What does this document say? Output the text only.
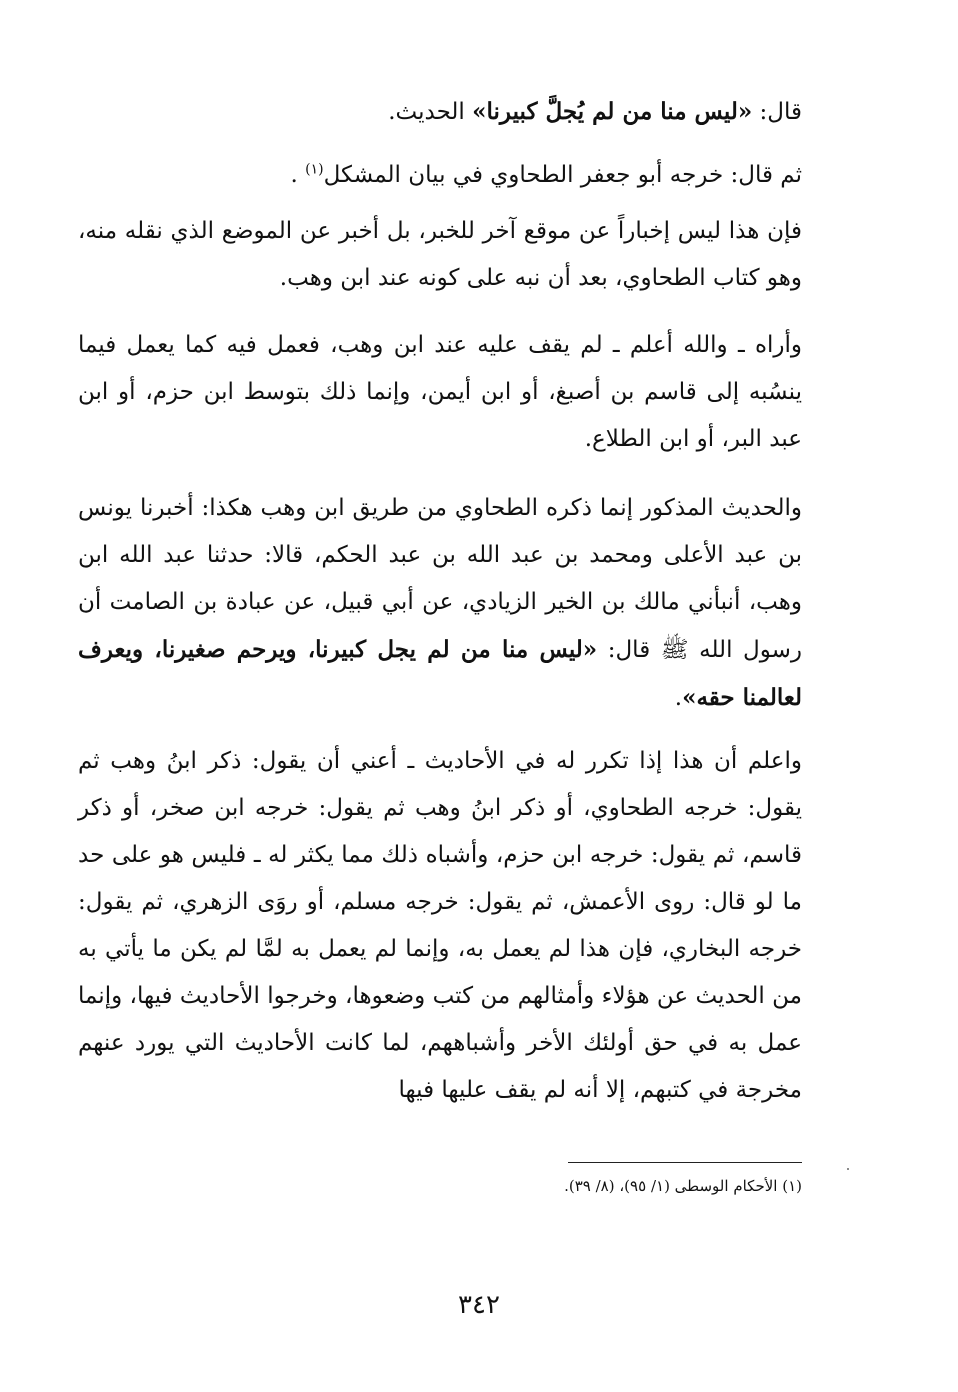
قال: «ليس منا من لم يُجلَّ كبيرنا» الحديث.

ثم قال: خرجه أبو جعفر الطحاوي في بيان المشكل$^{(١)}$ .

فإن هذا ليس إخباراً عن موقع آخر للخبر، بل أخبر عن الموضع الذي نقله منه، وهو كتاب الطحاوي، بعد أن نبه على كونه عند ابن وهب.

وأراه ـ والله أعلم ـ لم يقف عليه عند ابن وهب، فعمل فيه كما يعمل فيما ينسُبه إلى قاسم بن أصبغ، أو ابن أيمن، وإنما ذلك بتوسط ابن حزم، أو ابن عبد البر، أو ابن الطلاع.

والحديث المذكور إنما ذكره الطحاوي من طريق ابن وهب هكذا: أخبرنا يونس بن عبد الأعلى ومحمد بن عبد الله بن عبد الحكم، قالا: حدثنا عبد الله ابن وهب، أنبأني مالك بن الخير الزيادي، عن أبي قبيل، عن عبادة بن الصامت أن رسول الله ﷺ قال: «ليس منا من لم يجل كبيرنا، ويرحم صغيرنا، ويعرف لعالمنا حقه».

واعلم أن هذا إذا تكرر له في الأحاديث ـ أعني أن يقول: ذكر ابنُ وهب ثم يقول: خرجه الطحاوي، أو ذكر ابنُ وهب ثم يقول: خرجه ابن صخر، أو ذكر قاسم، ثم يقول: خرجه ابن حزم، وأشباه ذلك مما يكثر له ـ فليس هو على حد ما لو قال: روى الأعمش، ثم يقول: خرجه مسلم، أو روَى الزهري، ثم يقول: خرجه البخاري، فإن هذا لم يعمل به، وإنما لم يعمل به لمَّا لم يكن ما يأتي به من الحديث عن هؤلاء وأمثالهم من كتب وضعوها، وخرجوا الأحاديث فيها، وإنما عمل به في حق أولئك الأخر وأشباههم، لما كانت الأحاديث التي يورد عنهم مخرجة في كتبهم، إلا أنه لم يقف عليها فيها

(١) الأحكام الوسطى (١/ ٩٥)، (٨/ ٣٩).
٣٤٢
